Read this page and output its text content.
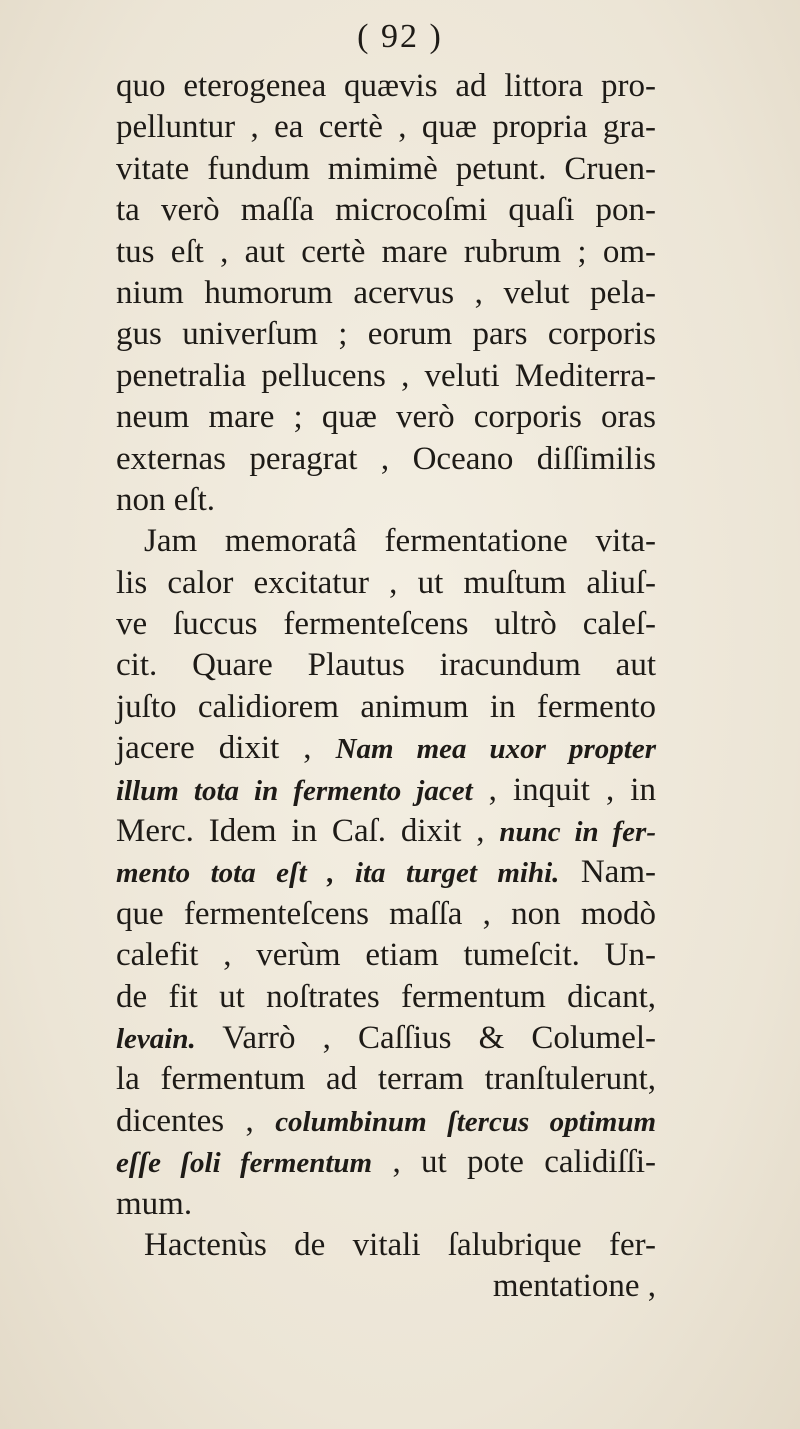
( 92 )
quo eterogenea quævis ad littora pro-
pelluntur , ea certè , quæ propria gra-
vitate fundum mimimè petunt. Cruen-
ta verò maſſa microcoſmi quaſi pon-
tus eſt , aut certè mare rubrum ; om-
nium humorum acervus , velut pela-
gus univerſum ; eorum pars corporis
penetralia pellucens , veluti Mediterra-
neum mare ; quæ verò corporis oras
externas peragrat , Oceano diſſimilis
non eſt.
Jam memoratâ fermentatione vita-
lis calor excitatur , ut muſtum aliuſ-
ve ſuccus fermenteſcens ultrò caleſ-
cit. Quare Plautus iracundum aut
juſto calidiorem animum in fermento
jacere dixit , Nam mea uxor propter
illum tota in fermento jacet , inquit , in
Merc. Idem in Caſ. dixit , nunc in fer-
mento tota eſt , ita turget mihi. Nam-
que fermenteſcens maſſa , non modò
calefit , verùm etiam tumeſcit. Un-
de fit ut noſtrates fermentum dicant,
levain. Varrò , Caſſius & Columel-
la fermentum ad terram tranſtulerunt,
dicentes , columbinum ſtercus optimum
eſſe ſoli fermentum , ut pote calidiſſi-
mum.
Hactenùs de vitali ſalubrique fer-
mentatione ,
